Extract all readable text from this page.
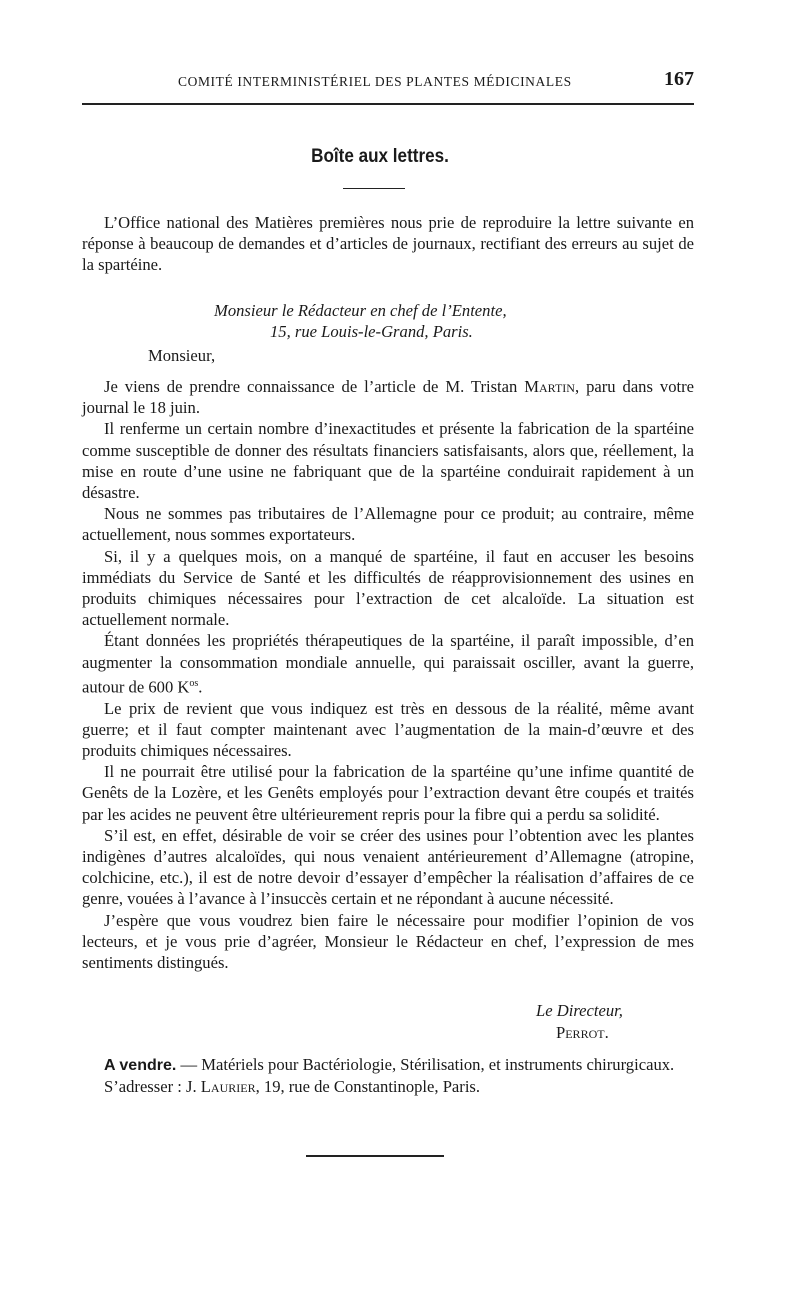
COMITÉ INTERMINISTÉRIEL DES PLANTES MÉDICINALES	167
Boîte aux lettres.

L’Office national des Matières premières nous prie de reproduire la lettre suivante en réponse à beaucoup de demandes et d’articles de journaux, rectifiant des erreurs au sujet de la spartéine.

Monsieur le Rédacteur en chef de l’Entente,
15, rue Louis-le-Grand, Paris.
Monsieur,

Je viens de prendre connaissance de l’article de M. Tristan Martin, paru dans votre journal le 18 juin.

Il renferme un certain nombre d’inexactitudes et présente la fabrication de la spartéine comme susceptible de donner des résultats financiers satisfaisants, alors que, réellement, la mise en route d’une usine ne fabriquant que de la spartéine conduirait rapidement à un désastre.

Nous ne sommes pas tributaires de l’Allemagne pour ce produit; au contraire, même actuellement, nous sommes exportateurs.

Si, il y a quelques mois, on a manqué de spartéine, il faut en accuser les besoins immédiats du Service de Santé et les difficultés de réapprovisionnement des usines en produits chimiques nécessaires pour l’extraction de cet alcaloïde. La situation est actuellement normale.

Étant données les propriétés thérapeutiques de la spartéine, il paraît impossible, d’en augmenter la consommation mondiale annuelle, qui paraissait osciller, avant la guerre, autour de 600 $K^{os}$.

Le prix de revient que vous indiquez est très en dessous de la réalité, même avant guerre; et il faut compter maintenant avec l’augmentation de la main-d’œuvre et des produits chimiques nécessaires.

Il ne pourrait être utilisé pour la fabrication de la spartéine qu’une infime quantité de Genêts de la Lozère, et les Genêts employés pour l’extraction devant être coupés et traités par les acides ne peuvent être ultérieurement repris pour la fibre qui a perdu sa solidité.

S’il est, en effet, désirable de voir se créer des usines pour l’obtention avec les plantes indigènes d’autres alcaloïdes, qui nous venaient antérieurement d’Allemagne (atropine, colchicine, etc.), il est de notre devoir d’essayer d’empêcher la réalisation d’affaires de ce genre, vouées à l’avance à l’insuccès certain et ne répondant à aucune nécessité.

J’espère que vous voudrez bien faire le nécessaire pour modifier l’opinion de vos lecteurs, et je vous prie d’agréer, Monsieur le Rédacteur en chef, l’expression de mes sentiments distingués.

Le Directeur,
Perrot.

A vendre. — Matériels pour Bactériologie, Stérilisation, et instruments chirurgicaux.

S’adresser : J. Laurier, 19, rue de Constantinople, Paris.
